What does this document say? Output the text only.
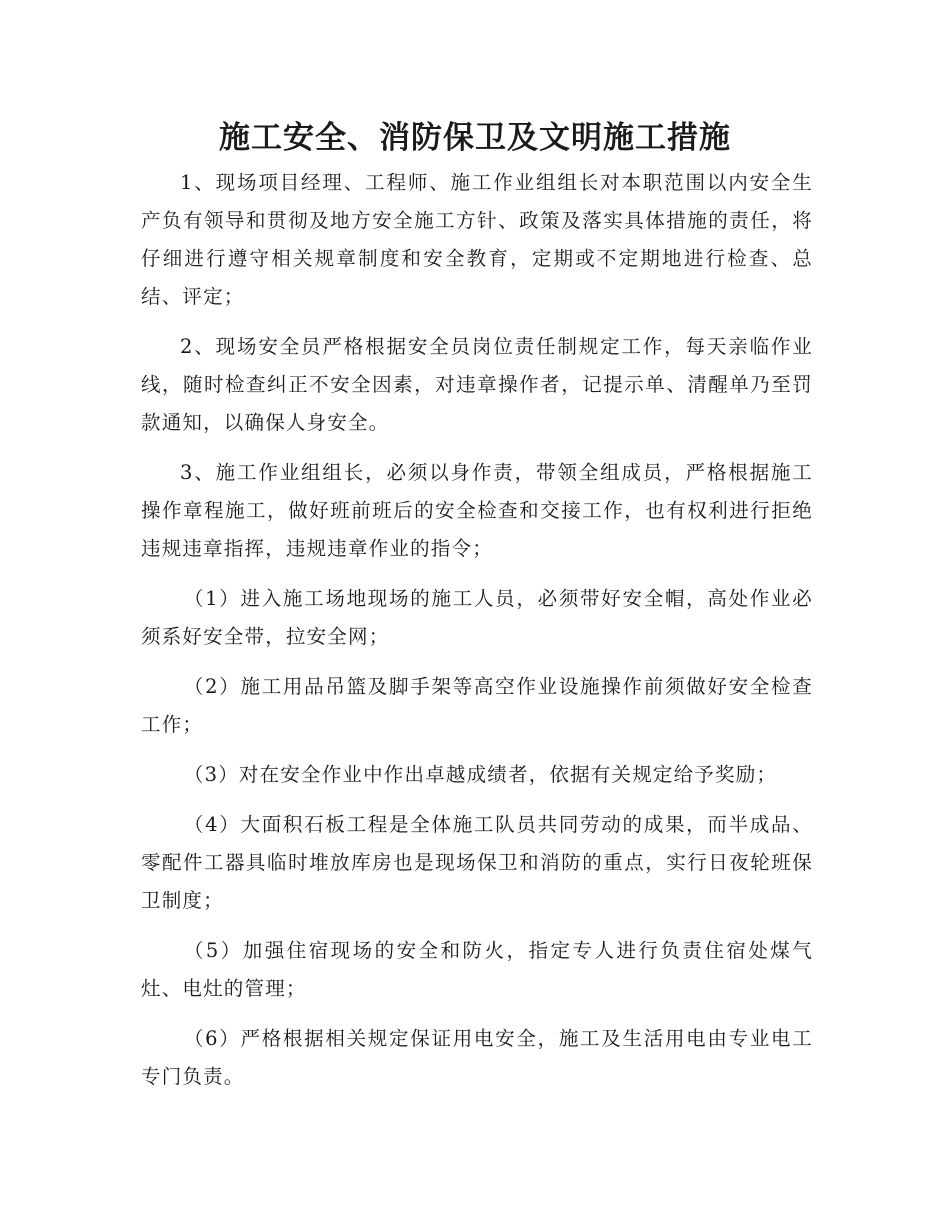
施工安全、消防保卫及文明施工措施

1、现场项目经理、工程师、施工作业组组长对本职范围以内安全生产负有领导和贯彻及地方安全施工方针、政策及落实具体措施的责任，将仔细进行遵守相关规章制度和安全教育，定期或不定期地进行检查、总结、评定；

2、现场安全员严格根据安全员岗位责任制规定工作，每天亲临作业线，随时检查纠正不安全因素，对违章操作者，记提示单、清醒单乃至罚款通知，以确保人身安全。

3、施工作业组组长，必须以身作责，带领全组成员，严格根据施工操作章程施工，做好班前班后的安全检查和交接工作，也有权利进行拒绝违规违章指挥，违规违章作业的指令；

（1）进入施工场地现场的施工人员，必须带好安全帽，高处作业必须系好安全带，拉安全网；

（2）施工用品吊篮及脚手架等高空作业设施操作前须做好安全检查工作；

（3）对在安全作业中作出卓越成绩者，依据有关规定给予奖励；

（4）大面积石板工程是全体施工队员共同劳动的成果，而半成品、零配件工器具临时堆放库房也是现场保卫和消防的重点，实行日夜轮班保卫制度；

（5）加强住宿现场的安全和防火，指定专人进行负责住宿处煤气灶、电灶的管理；

（6）严格根据相关规定保证用电安全，施工及生活用电由专业电工专门负责。
